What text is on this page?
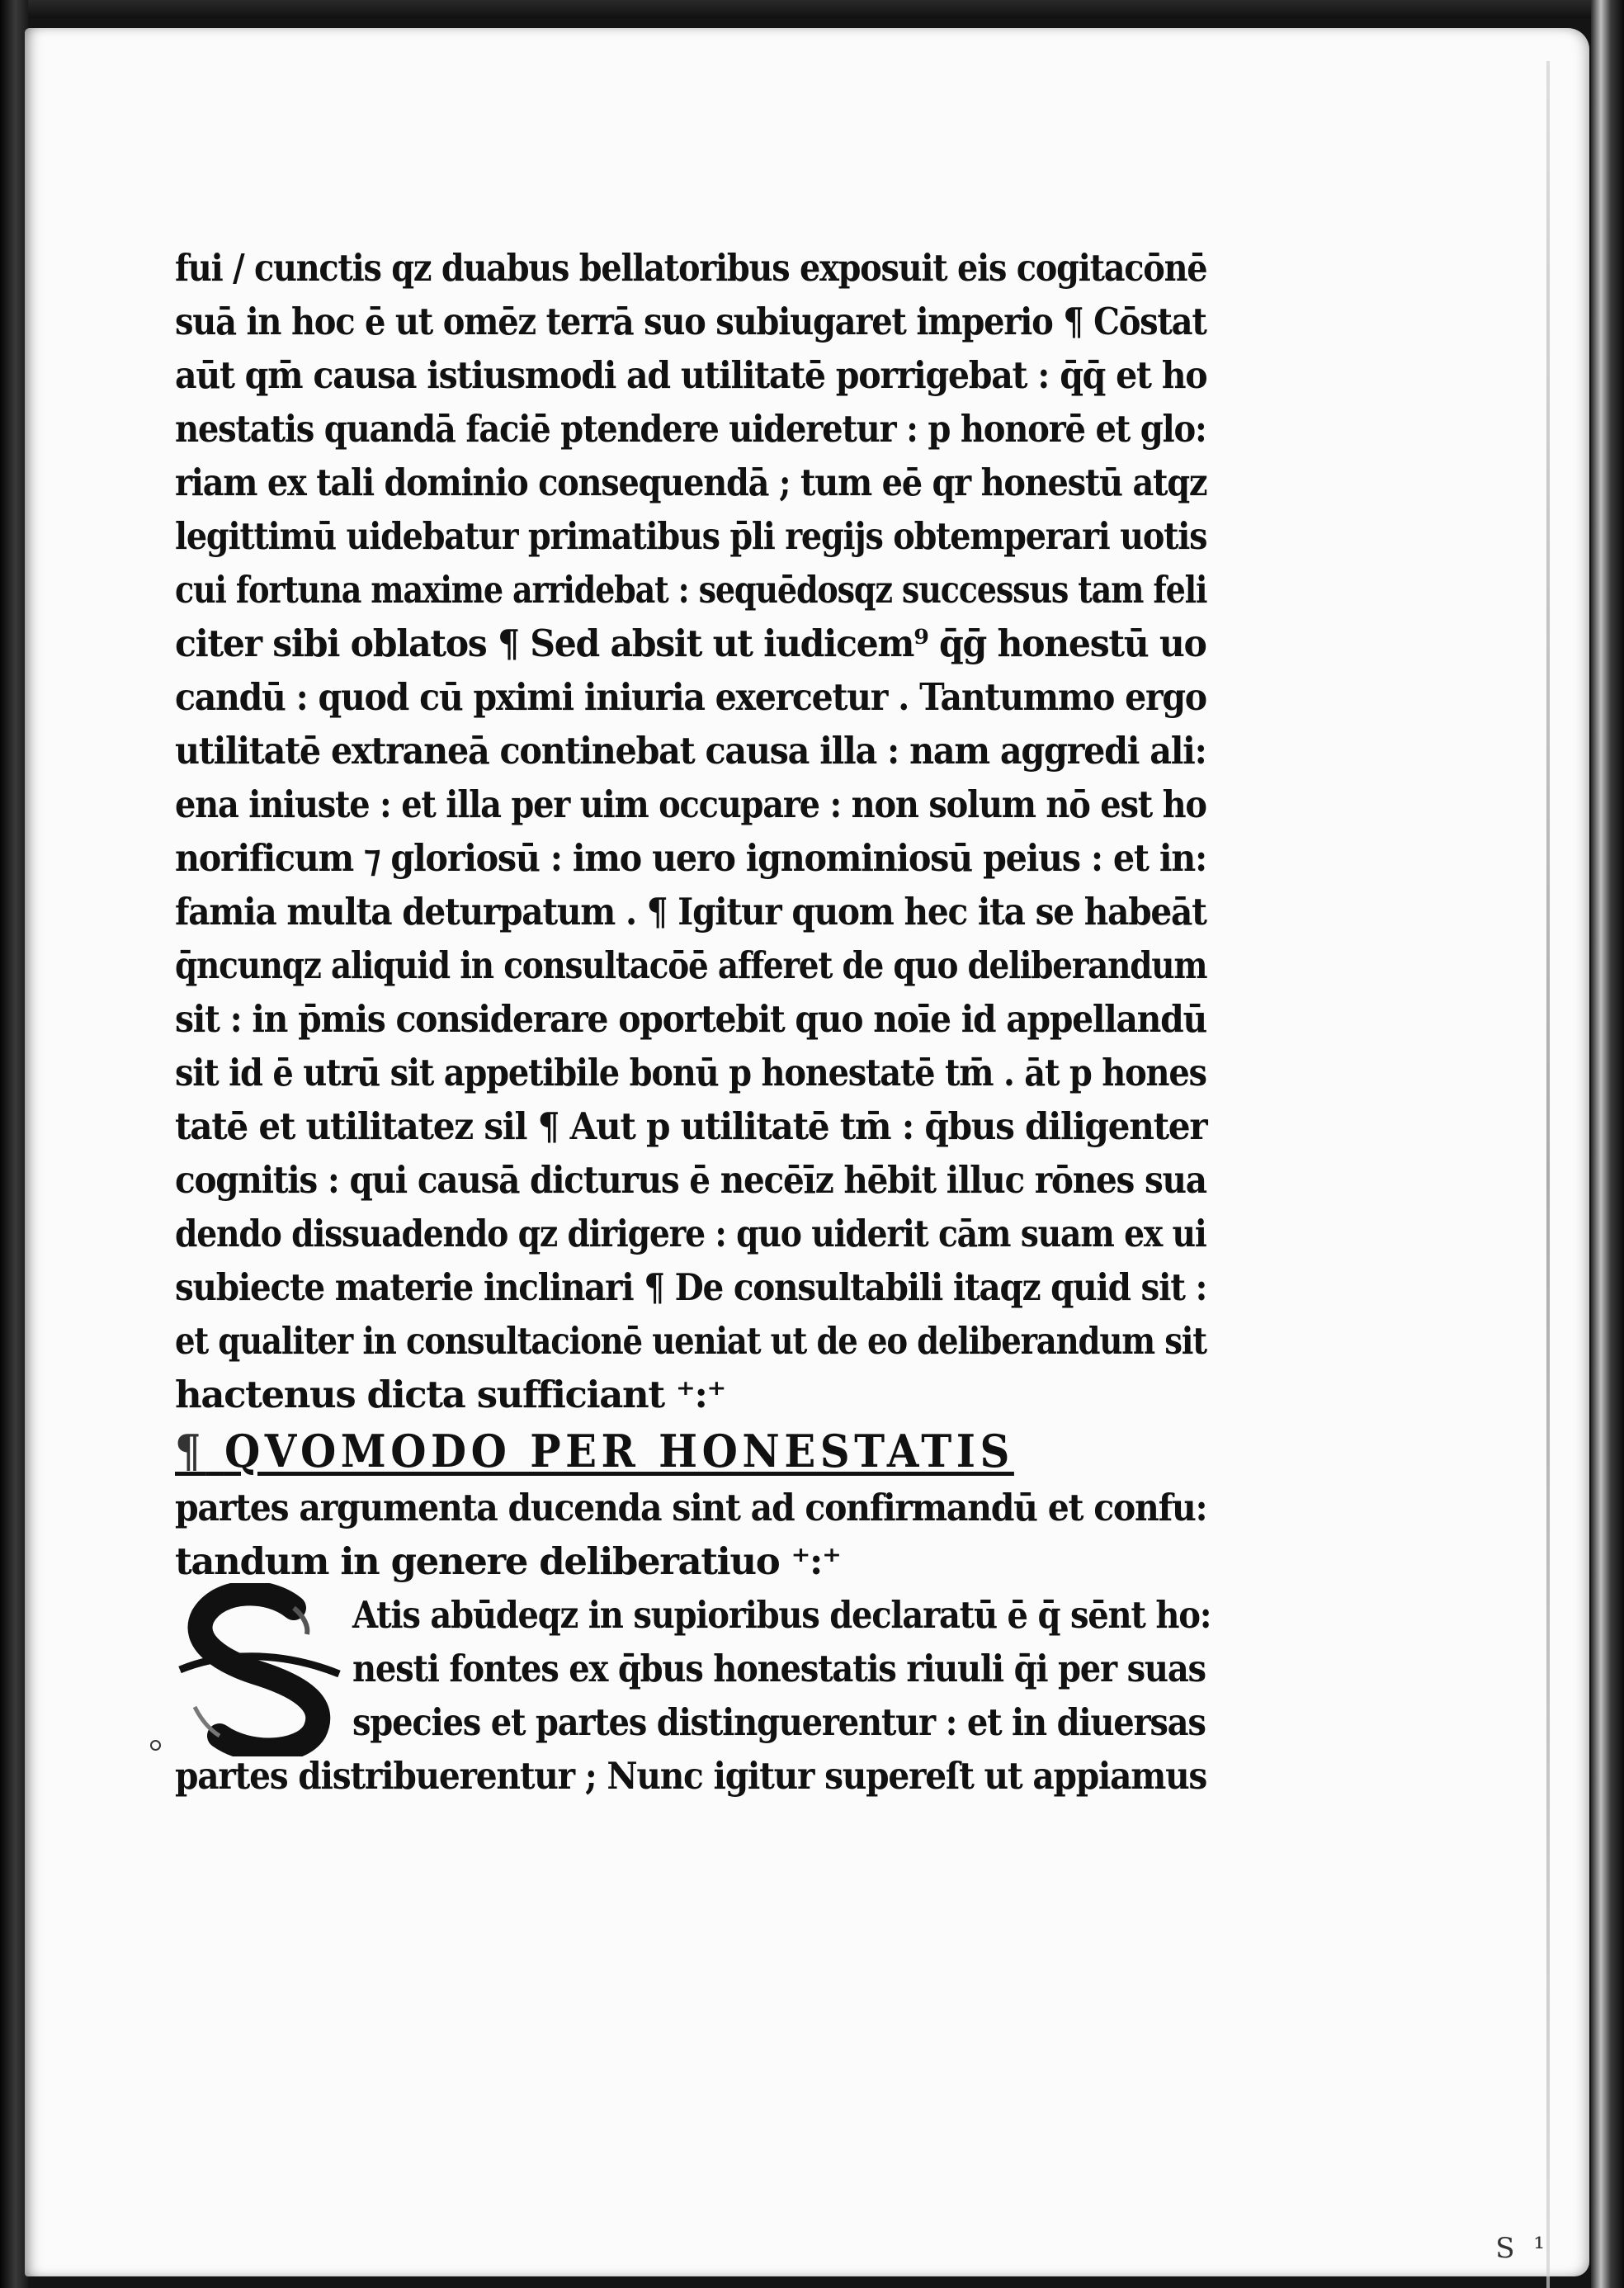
fui / cunctis qz duabus bellatoribus exposuit eis cogitacōnē
suā in hoc ē ut omēz terrā suo subiugaret imperio ¶ Cōstat
aūt qm̄ causa istiusmodi ad utilitatē porrigebat : q̄q̄ et ho
nestatis quandā faciē ptendere uideretur : p honorē et glo:
riam ex tali dominio consequendā ; tum eē qr honestū atqz
legittimū uidebatur primatibus p̄li regijs obtemperari uotis
cui fortuna maxime arridebat : sequēdosqz successus tam feli
citer sibi oblatos ¶ Sed absit ut iudicem⁹ q̄ḡ honestū uo
candū : quod cū pximi iniuria exercetur . Tantummo ergo
utilitatē extraneā continebat causa illa : nam aggredi ali:
ena iniuste : et illa per uim occupare : non solum nō est ho
norificum ⁊ gloriosū : imo uero ignominiosū peius : et in:
famia multa deturpatum . ¶ Igitur quom hec ita se habeāt
q̄ncunqz aliquid in consultacōē afferet de quo deliberandum
sit : in p̄mis considerare oportebit quo noīe id appellandū
sit id ē utrū sit appetibile bonū p honestatē tm̄ . āt p hones
tatē et utilitatez sil ¶ Aut p utilitatē tm̄ : q̄bus diligenter
cognitis : qui causā dicturus ē necēīz hēbit illuc rōnes sua
dendo dissuadendo qz dirigere : quo uiderit cām suam ex ui
subiecte materie inclinari ¶ De consultabili itaqz quid sit :
et qualiter in consultacionē ueniat ut de eo deliberandum sit
hactenus dicta sufficiant ⁺:⁺
¶ QVOMODO PER HONESTATIS
partes argumenta ducenda sint ad confirmandū et confu:
tandum in genere deliberatiuo ⁺:⁺
Atis abūdeqz in supioribus declaratū ē q̄ sēnt ho:
nesti fontes ex q̄bus honestatis riuuli q̄i per suas
species et partes distinguerentur : et in diuersas
partes distribuerentur ; Nunc igitur supereſt ut appiamus
S ¹
